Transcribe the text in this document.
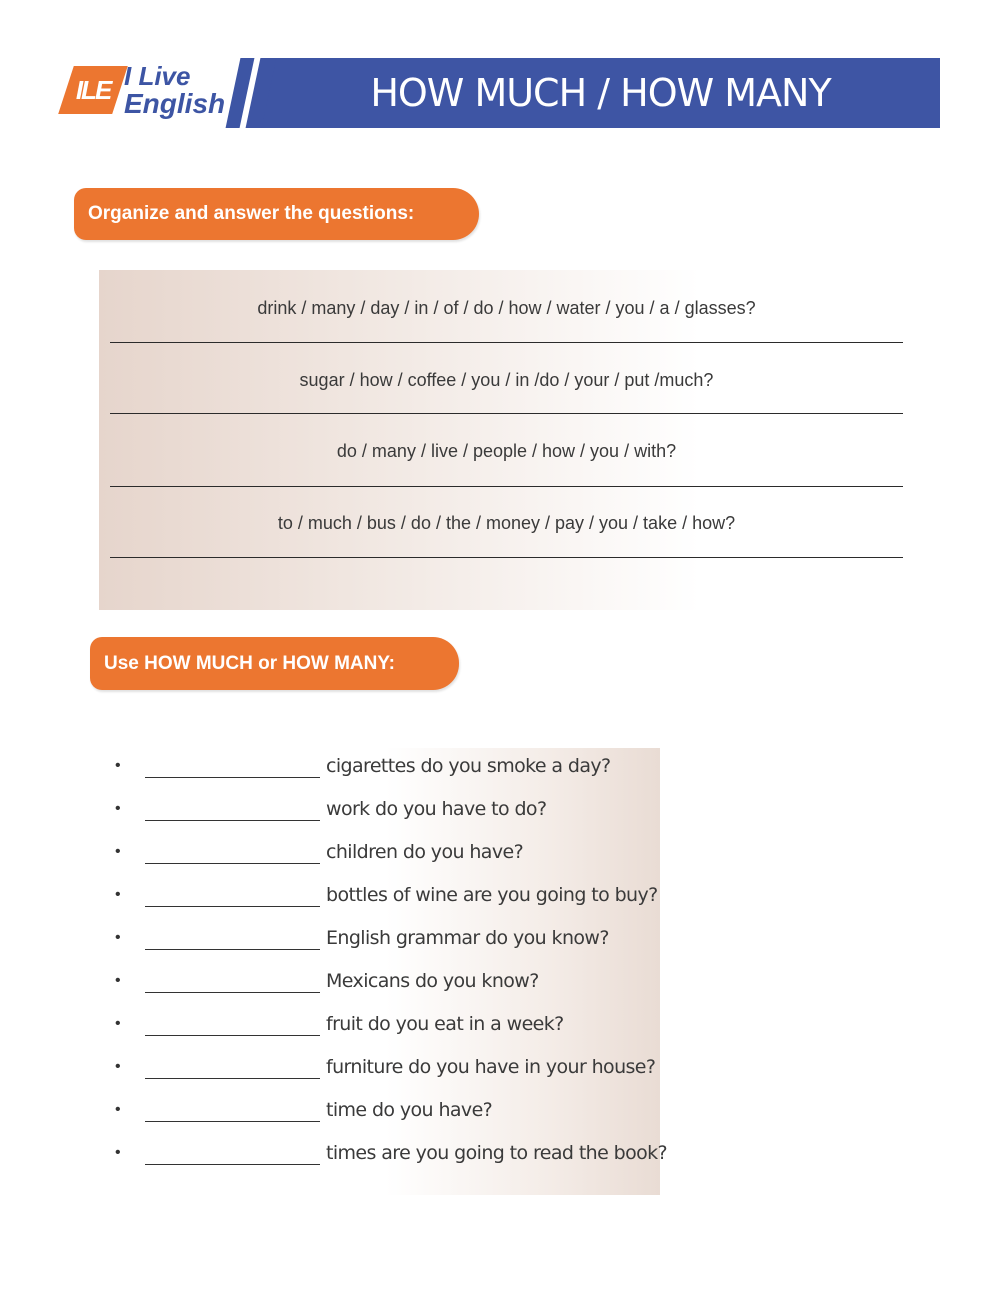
ILE I Live
English	HOW MUCH / HOW MANY
Organize and answer the questions:
drink / many / day / in / of / do / how / water / you / a / glasses?
sugar / how / coffee / you / in /do / your / put /much?
do / many / live / people / how / you / with?
to / much / bus / do / the / money / pay / you / take / how?
Use HOW MUCH or HOW MANY:
•	cigarettes do you smoke a day?
•	work do you have to do?
•	children do you have?
•	bottles of wine are you going to buy?
•	English grammar do you know?
•	Mexicans do you know?
•	fruit do you eat in a week?
•	furniture do you have in your house?
•	time do you have?
•	times are you going to read the book?
